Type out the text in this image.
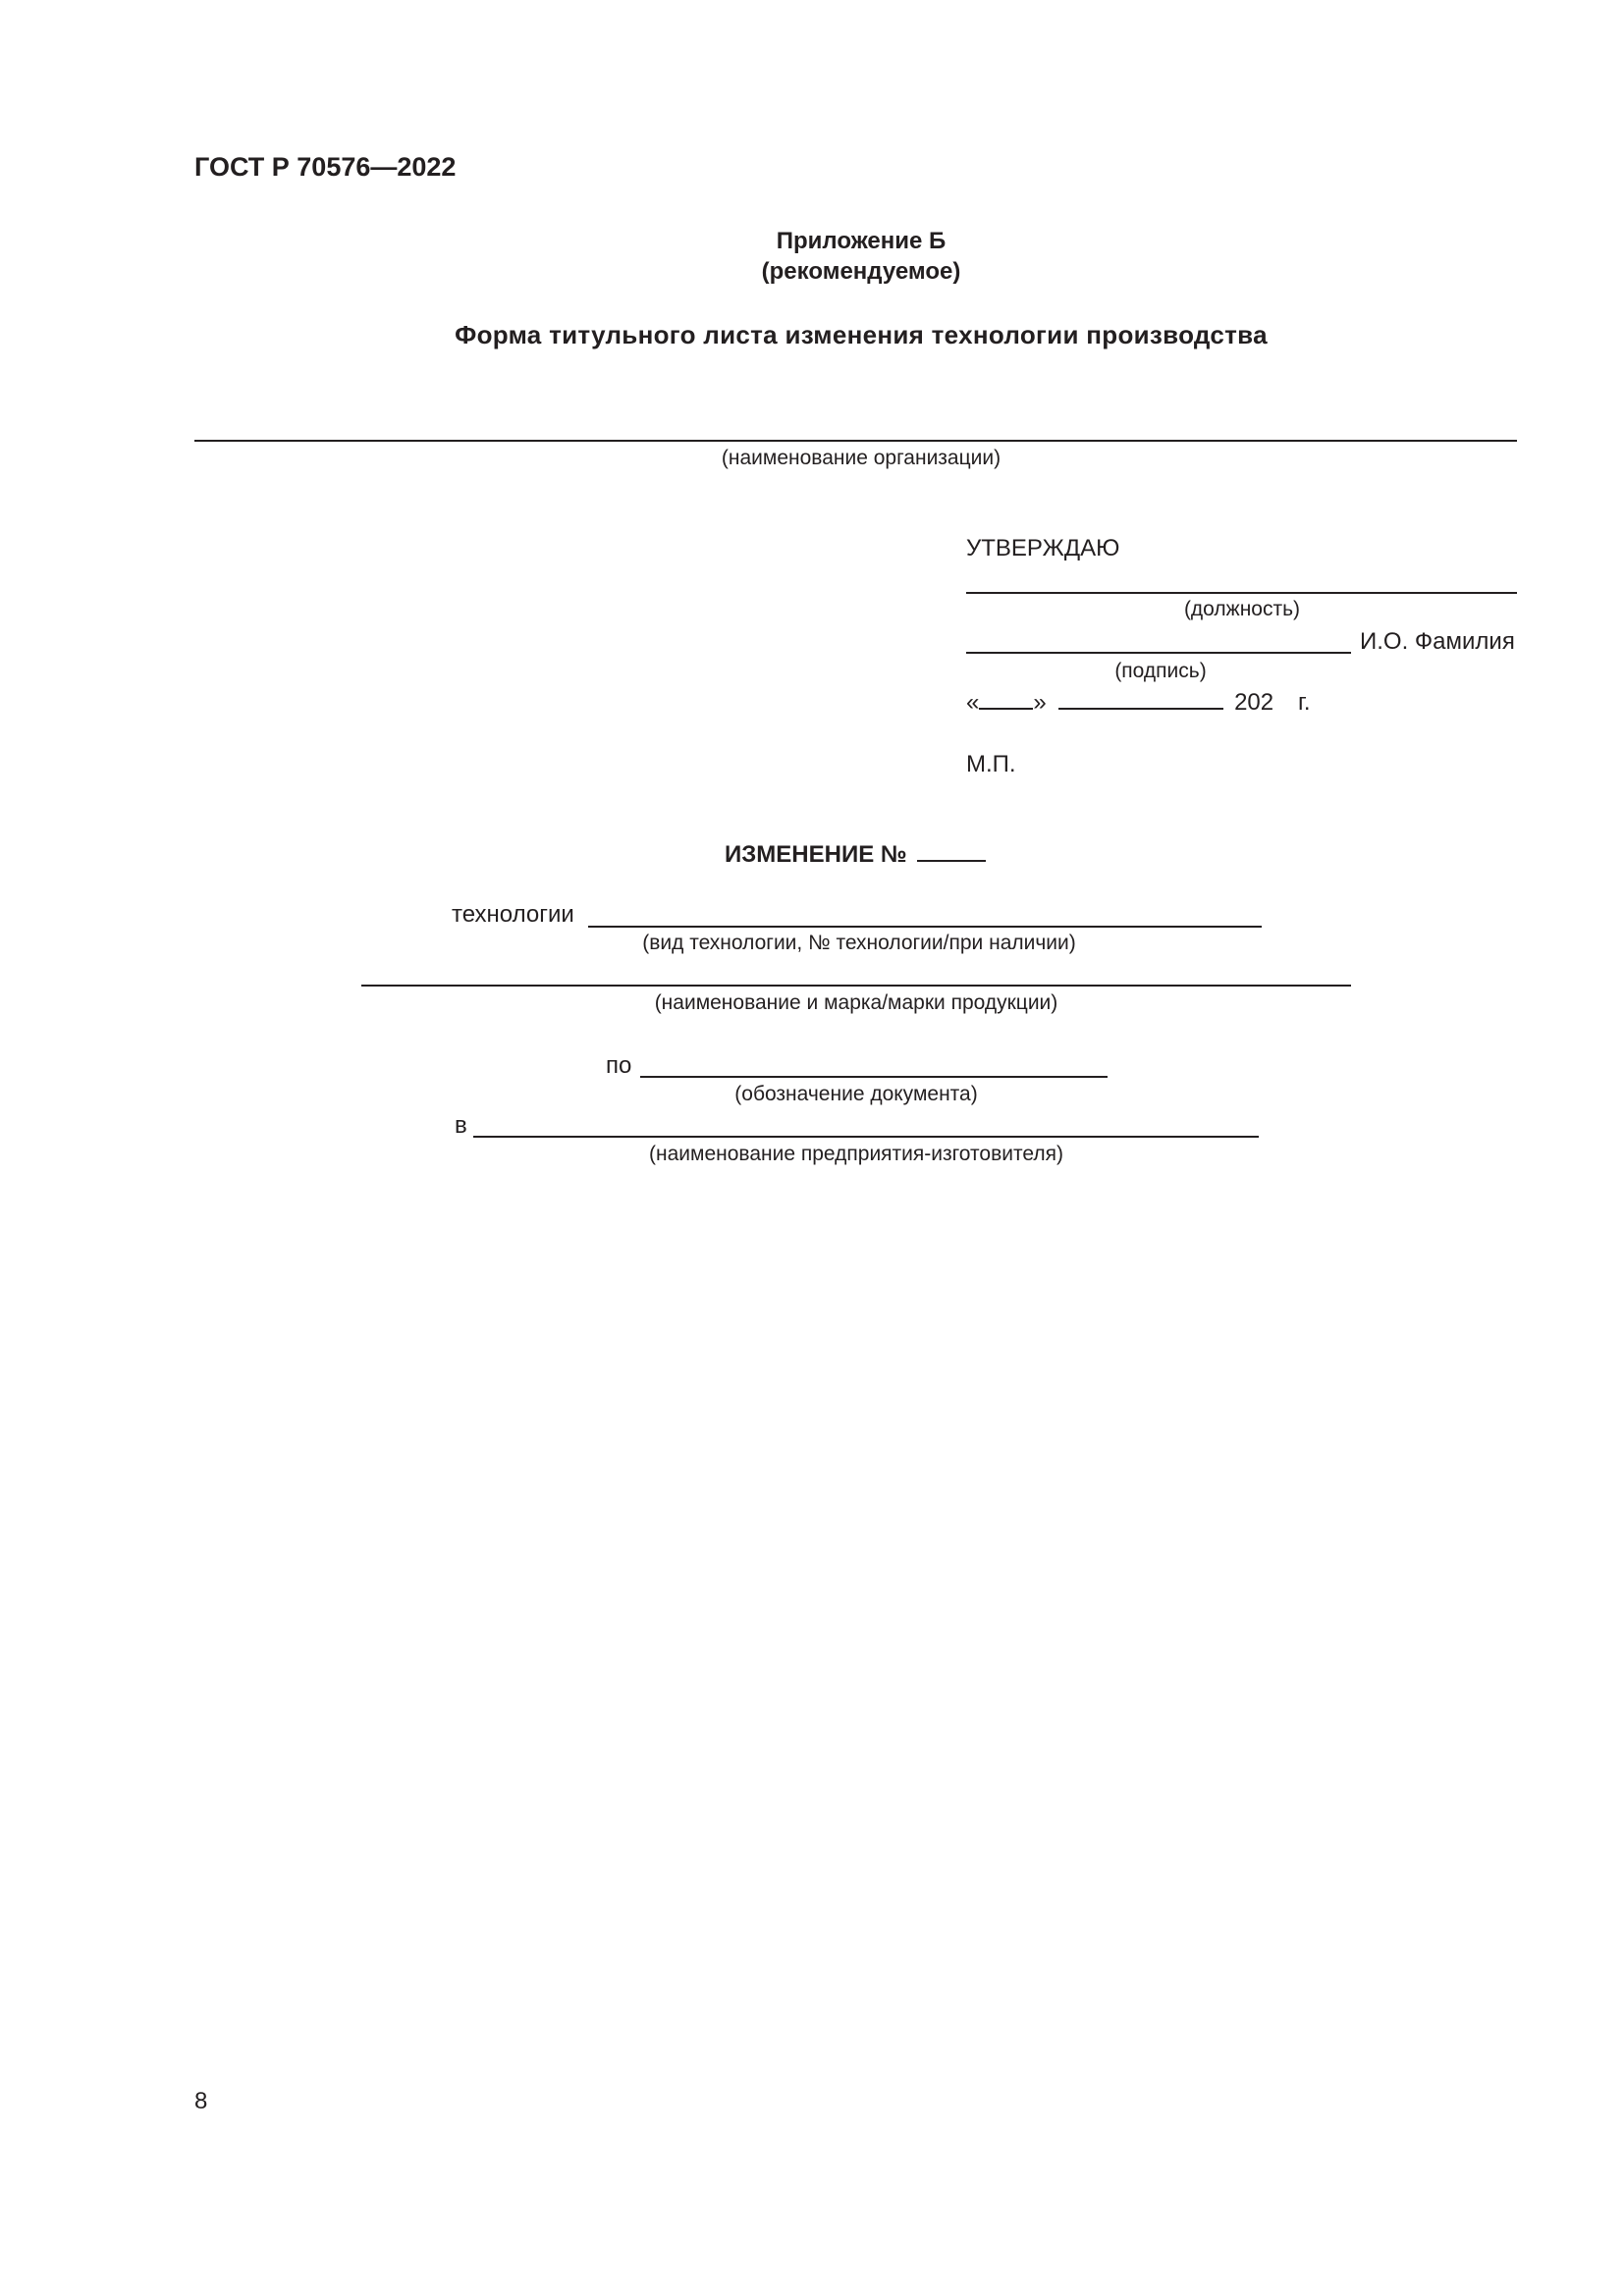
ГОСТ Р 70576—2022
Приложение Б
(рекомендуемое)
Форма титульного листа изменения технологии производства
(наименование организации)
УТВЕРЖДАЮ
(должность)
И.О. Фамилия
(подпись)
« »	202 г.
М.П.
ИЗМЕНЕНИЕ №
технологии
(вид технологии, № технологии/при наличии)
(наименование и марка/марки продукции)
по
(обозначение документа)
в
(наименование предприятия-изготовителя)
8
